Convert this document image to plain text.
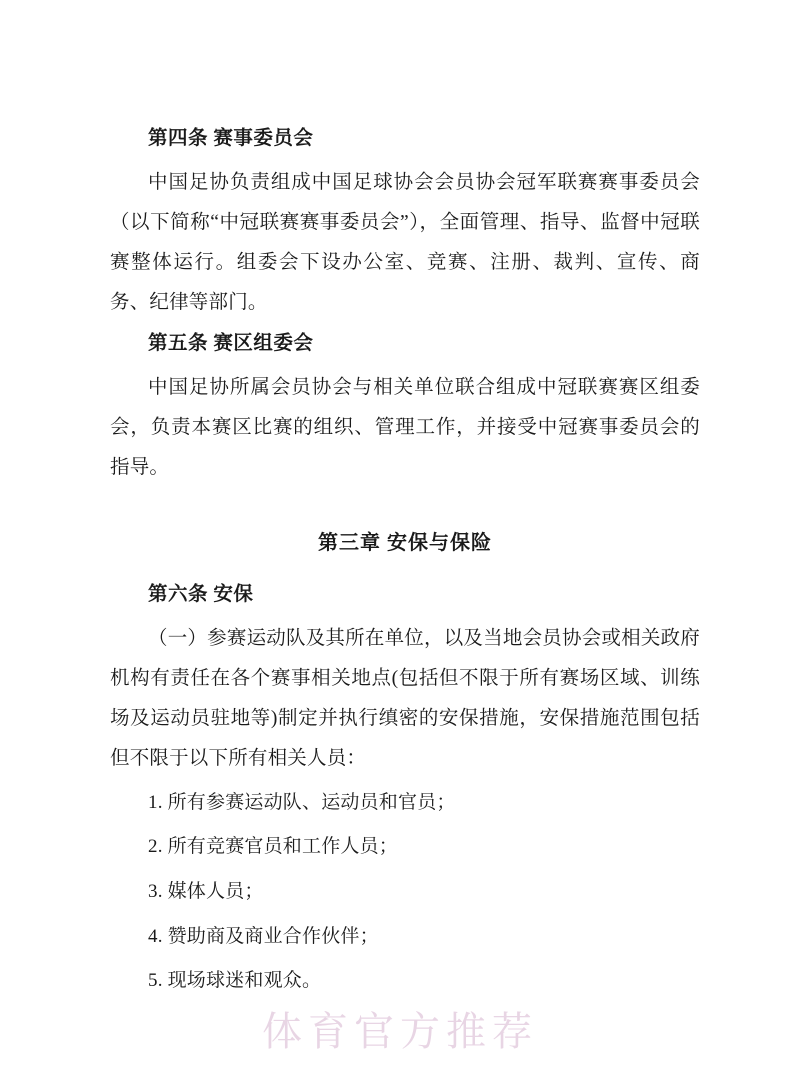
第四条 赛事委员会

中国足协负责组成中国足球协会会员协会冠军联赛赛事委员会（以下简称“中冠联赛赛事委员会”），全面管理、指导、监督中冠联赛整体运行。组委会下设办公室、竞赛、注册、裁判、宣传、商务、纪律等部门。

第五条 赛区组委会

中国足协所属会员协会与相关单位联合组成中冠联赛赛区组委会，负责本赛区比赛的组织、管理工作，并接受中冠赛事委员会的指导。

第三章 安保与保险

第六条 安保

（一）参赛运动队及其所在单位，以及当地会员协会或相关政府机构有责任在各个赛事相关地点(包括但不限于所有赛场区域、训练场及运动员驻地等)制定并执行缜密的安保措施，安保措施范围包括但不限于以下所有相关人员：

1. 所有参赛运动队、运动员和官员；

2. 所有竞赛官员和工作人员；

3. 媒体人员；

4. 赞助商及商业合作伙伴；

5. 现场球迷和观众。

体育官方推荐
